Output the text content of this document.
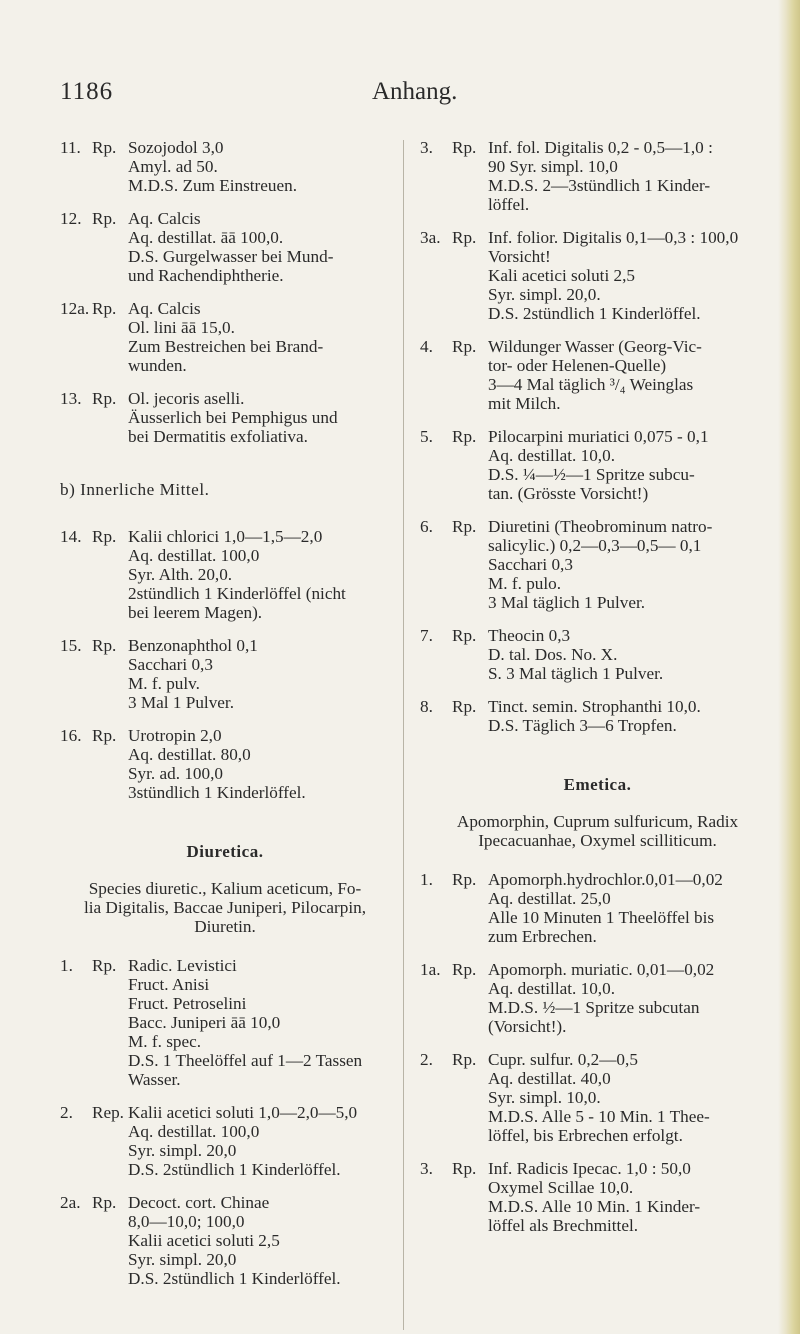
1186	Anhang.
11. Rp. Sozojodol 3,0
Amyl. ad 50.
M.D.S. Zum Einstreuen.
12. Rp. Aq. Calcis
Aq. destillat. āā 100,0.
D.S. Gurgelwasser bei Mund-
und Rachendiphtherie.
12a. Rp. Aq. Calcis
Ol. lini āā 15,0.
Zum Bestreichen bei Brand-
wunden.
13. Rp. Ol. jecoris aselli.
Äusserlich bei Pemphigus und
bei Dermatitis exfoliativa.
b) Innerliche Mittel.
14. Rp. Kalii chlorici 1,0—1,5—2,0
Aq. destillat. 100,0
Syr. Alth. 20,0.
2stündlich 1 Kinderlöffel (nicht
bei leerem Magen).
15. Rp. Benzonaphthol 0,1
Sacchari 0,3
M. f. pulv.
3 Mal 1 Pulver.
16. Rp. Urotropin 2,0
Aq. destillat. 80,0
Syr. ad. 100,0
3stündlich 1 Kinderlöffel.
Diuretica.
Species diuretic., Kalium aceticum, Fo-
lia Digitalis, Baccae Juniperi, Pilocarpin,
Diuretin.
1.	Rp. Radic. Levistici
Fruct. Anisi
Fruct. Petroselini
Bacc. Juniperi āā 10,0
M. f. spec.
D.S. 1 Theelöffel auf 1—2 Tassen
Wasser.
2.	Rep. Kalii acetici soluti 1,0—2,0—5,0
Aq. destillat. 100,0
Syr. simpl. 20,0
D.S. 2stündlich 1 Kinderlöffel.
2a. Rp. Decoct. cort. Chinae
8,0—10,0; 100,0
Kalii acetici soluti 2,5
Syr. simpl. 20,0
D.S. 2stündlich 1 Kinderlöffel.
3.	Rp. Inf. fol. Digitalis 0,2 - 0,5—1,0 :
90 Syr. simpl. 10,0
M.D.S. 2—3stündlich 1 Kinder-
löffel.
3a. Rp. Inf. folior. Digitalis 0,1—0,3 : 100,0
Vorsicht!
Kali acetici soluti 2,5
Syr. simpl. 20,0.
D.S. 2stündlich 1 Kinderlöffel.
4.	Rp. Wildunger Wasser (Georg-Vic-
tor- oder Helenen-Quelle)
3—4 Mal täglich ³/₄ Weinglas
mit Milch.
5.	Rp. Pilocarpini muriatici 0,075 - 0,1
Aq. destillat. 10,0.
D.S. ¼—½—1 Spritze subcu-
tan. (Grösste Vorsicht!)
6.	Rp. Diuretini (Theobrominum natro-
salicylic.) 0,2—0,3—0,5— 0,1
Sacchari 0,3
M. f. pulo.
3 Mal täglich 1 Pulver.
7.	Rp. Theocin 0,3
D. tal. Dos. No. X.
S. 3 Mal täglich 1 Pulver.
8.	Rp. Tinct. semin. Strophanthi 10,0.
D.S. Täglich 3—6 Tropfen.
Emetica.
Apomorphin, Cuprum sulfuricum, Radix
Ipecacuanhae, Oxymel scilliticum.
1.	Rp. Apomorph.hydrochlor.0,01—0,02
Aq. destillat. 25,0
Alle 10 Minuten 1 Theelöffel bis
zum Erbrechen.
1a. Rp. Apomorph. muriatic. 0,01—0,02
Aq. destillat. 10,0.
M.D.S. ½—1 Spritze subcutan
(Vorsicht!).
2.	Rp. Cupr. sulfur. 0,2—0,5
Aq. destillat. 40,0
Syr. simpl. 10,0.
M.D.S. Alle 5 - 10 Min. 1 Thee-
löffel, bis Erbrechen erfolgt.
3.	Rp. Inf. Radicis Ipecac. 1,0 : 50,0
Oxymel Scillae 10,0.
M.D.S. Alle 10 Min. 1 Kinder-
löffel als Brechmittel.
